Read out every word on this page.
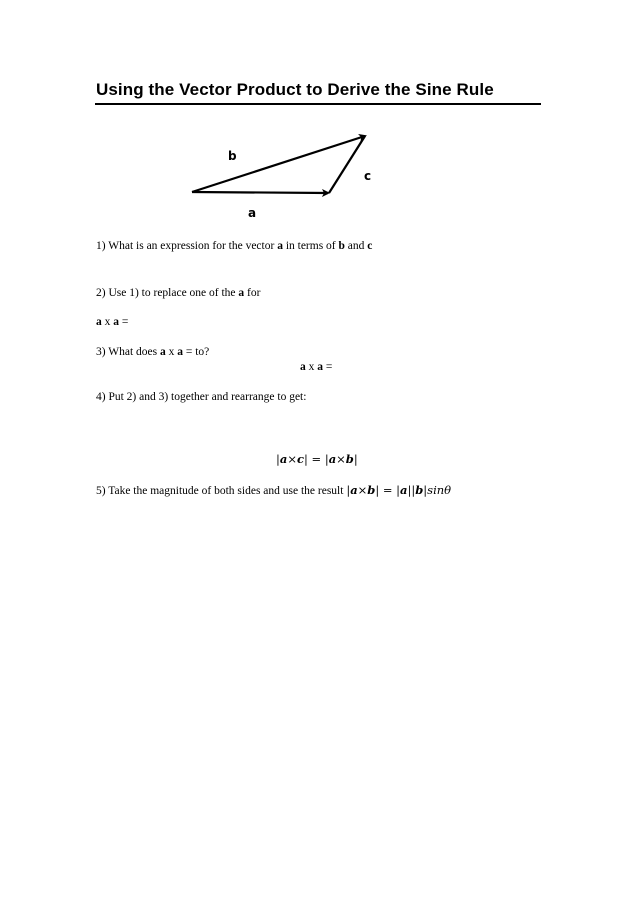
Using the Vector Product to Derive the Sine Rule
b
c
a
1) What is an expression for the vector a in terms of b and c
2) Use 1) to replace one of the a for
a x a =
3) What does a x a = to?
a x a =
4) Put 2) and 3) together and rearrange to get:
|a×c| = |a×b|
5) Take the magnitude of both sides and use the result |a×b| = |a||b|sinθ
